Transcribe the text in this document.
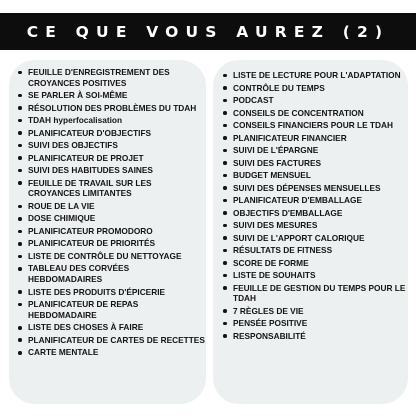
CE QUE VOUS AUREZ (2)
FEUILLE D'ENREGISTREMENT DES CROYANCES POSITIVES
SE PARLER À SOI-MÊME
RÉSOLUTION DES PROBLÈMES DU TDAH
TDAH hyperfocalisation
PLANIFICATEUR D'OBJECTIFS
SUIVI DES OBJECTIFS
PLANIFICATEUR DE PROJET
SUIVI DES HABITUDES SAINES
FEUILLE DE TRAVAIL SUR LES CROYANCES LIMITANTES
ROUE DE LA VIE
DOSE CHIMIQUE
PLANIFICATEUR PROMODORO
PLANIFICATEUR DE PRIORITÉS
LISTE DE CONTRÔLE DU NETTOYAGE
TABLEAU DES CORVÉES HEBDOMADAIRES
LISTE DES PRODUITS D'ÉPICERIE
PLANIFICATEUR DE REPAS HEBDOMADAIRE
LISTE DES CHOSES À FAIRE
PLANIFICATEUR DE CARTES DE RECETTES
CARTE MENTALE
LISTE DE LECTURE POUR L'ADAPTATION
CONTRÔLE DU TEMPS
PODCAST
CONSEILS DE CONCENTRATION
CONSEILS FINANCIERS POUR LE TDAH
PLANIFICATEUR FINANCIER
SUIVI DE L'ÉPARGNE
SUIVI DES FACTURES
BUDGET MENSUEL
SUIVI DES DÉPENSES MENSUELLES
PLANIFICATEUR D'EMBALLAGE
OBJECTIFS D'EMBALLAGE
SUIVI DES MESURES
SUIVI DE L'APPORT CALORIQUE
RÉSULTATS DE FITNESS
SCORE DE FORME
LISTE DE SOUHAITS
FEUILLE DE GESTION DU TEMPS POUR LE TDAH
7 RÈGLES DE VIE
PENSÉE POSITIVE
RESPONSABILITÉ
